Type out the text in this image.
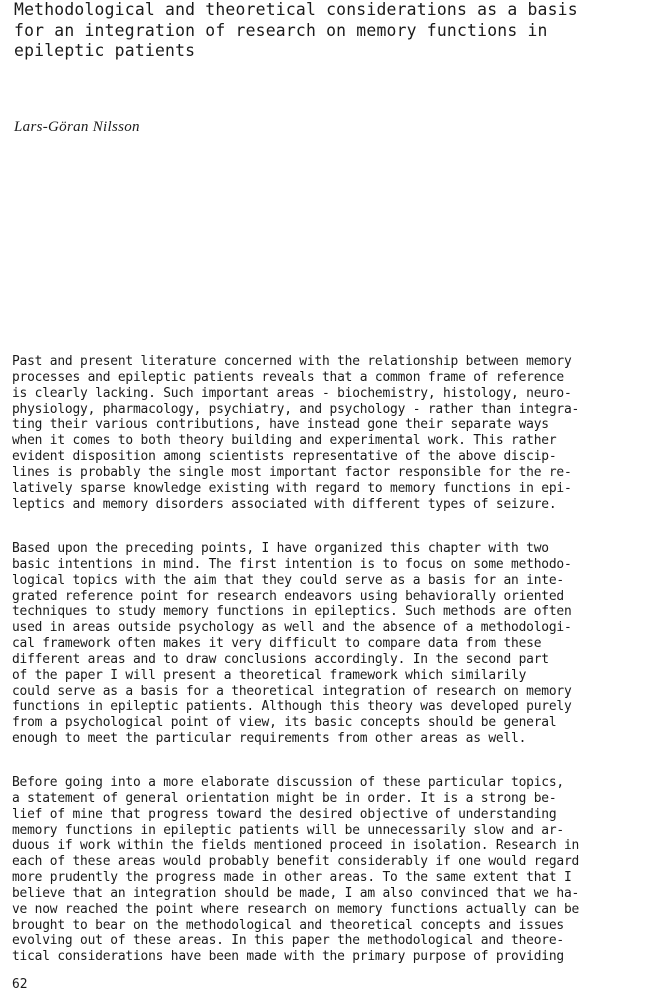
Methodological and theoretical considerations as a basis
for an integration of research on memory functions in
epileptic patients
Lars-Göran Nilsson
Past and present literature concerned with the relationship between memory
processes and epileptic patients reveals that a common frame of reference
is clearly lacking. Such important areas - biochemistry, histology, neuro-
physiology, pharmacology, psychiatry, and psychology - rather than integra-
ting their various contributions, have instead gone their separate ways
when it comes to both theory building and experimental work. This rather
evident disposition among scientists representative of the above discip-
lines is probably the single most important factor responsible for the re-
latively sparse knowledge existing with regard to memory functions in epi-
leptics and memory disorders associated with different types of seizure.
Based upon the preceding points, I have organized this chapter with two
basic intentions in mind. The first intention is to focus on some methodo-
logical topics with the aim that they could serve as a basis for an inte-
grated reference point for research endeavors using behaviorally oriented
techniques to study memory functions in epileptics. Such methods are often
used in areas outside psychology as well and the absence of a methodologi-
cal framework often makes it very difficult to compare data from these
different areas and to draw conclusions accordingly. In the second part
of the paper I will present a theoretical framework which similarily
could serve as a basis for a theoretical integration of research on memory
functions in epileptic patients. Although this theory was developed purely
from a psychological point of view, its basic concepts should be general
enough to meet the particular requirements from other areas as well.
Before going into a more elaborate discussion of these particular topics,
a statement of general orientation might be in order. It is a strong be-
lief of mine that progress toward the desired objective of understanding
memory functions in epileptic patients will be unnecessarily slow and ar-
duous if work within the fields mentioned proceed in isolation. Research in
each of these areas would probably benefit considerably if one would regard
more prudently the progress made in other areas. To the same extent that I
believe that an integration should be made, I am also convinced that we ha-
ve now reached the point where research on memory functions actually can be
brought to bear on the methodological and theoretical concepts and issues
evolving out of these areas. In this paper the methodological and theore-
tical considerations have been made with the primary purpose of providing
62
